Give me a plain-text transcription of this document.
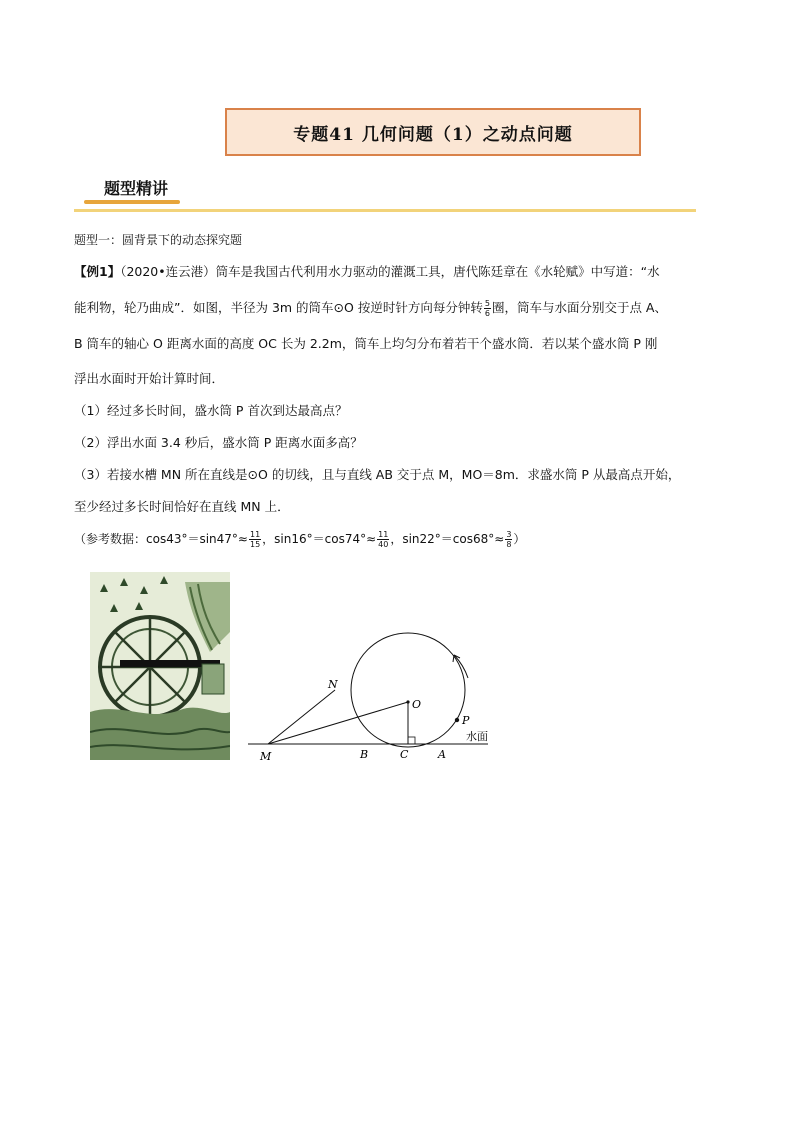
专题41 几何问题（1）之动点问题
题型精讲
题型一：圆背景下的动态探究题
【例1】（2020•连云港）筒车是我国古代利用水力驱动的灌溉工具，唐代陈廷章在《水轮赋》中写道：“水
能利物，轮乃曲成”．如图，半径为 3m 的筒车⊙O 按逆时针方向每分钟转 $\frac{5}{6}$ 圈，筒车与水面分别交于点 A、
B 筒车的轴心 O 距离水面的高度 OC 长为 2.2m，筒车上均匀分布着若干个盛水筒．若以某个盛水筒 P 刚
浮出水面时开始计算时间．
（1）经过多长时间，盛水筒 P 首次到达最高点？
（2）浮出水面 3.4 秒后，盛水筒 P 距离水面多高？
（3）若接水槽 MN 所在直线是⊙O 的切线，且与直线 AB 交于点 M，MO＝8m．求盛水筒 P 从最高点开始，
至少经过多长时间恰好在直线 MN 上．
（参考数据：$\cos 43^\circ=\sin 47^\circ\approx \frac{11}{15}$ ，$\sin 16^\circ=\cos 74^\circ\approx \frac{11}{40}$ ，$\sin 22^\circ=\cos 68^\circ\approx \frac{3}{8}$ ）
N
O
P
水面
M	B	C	A
